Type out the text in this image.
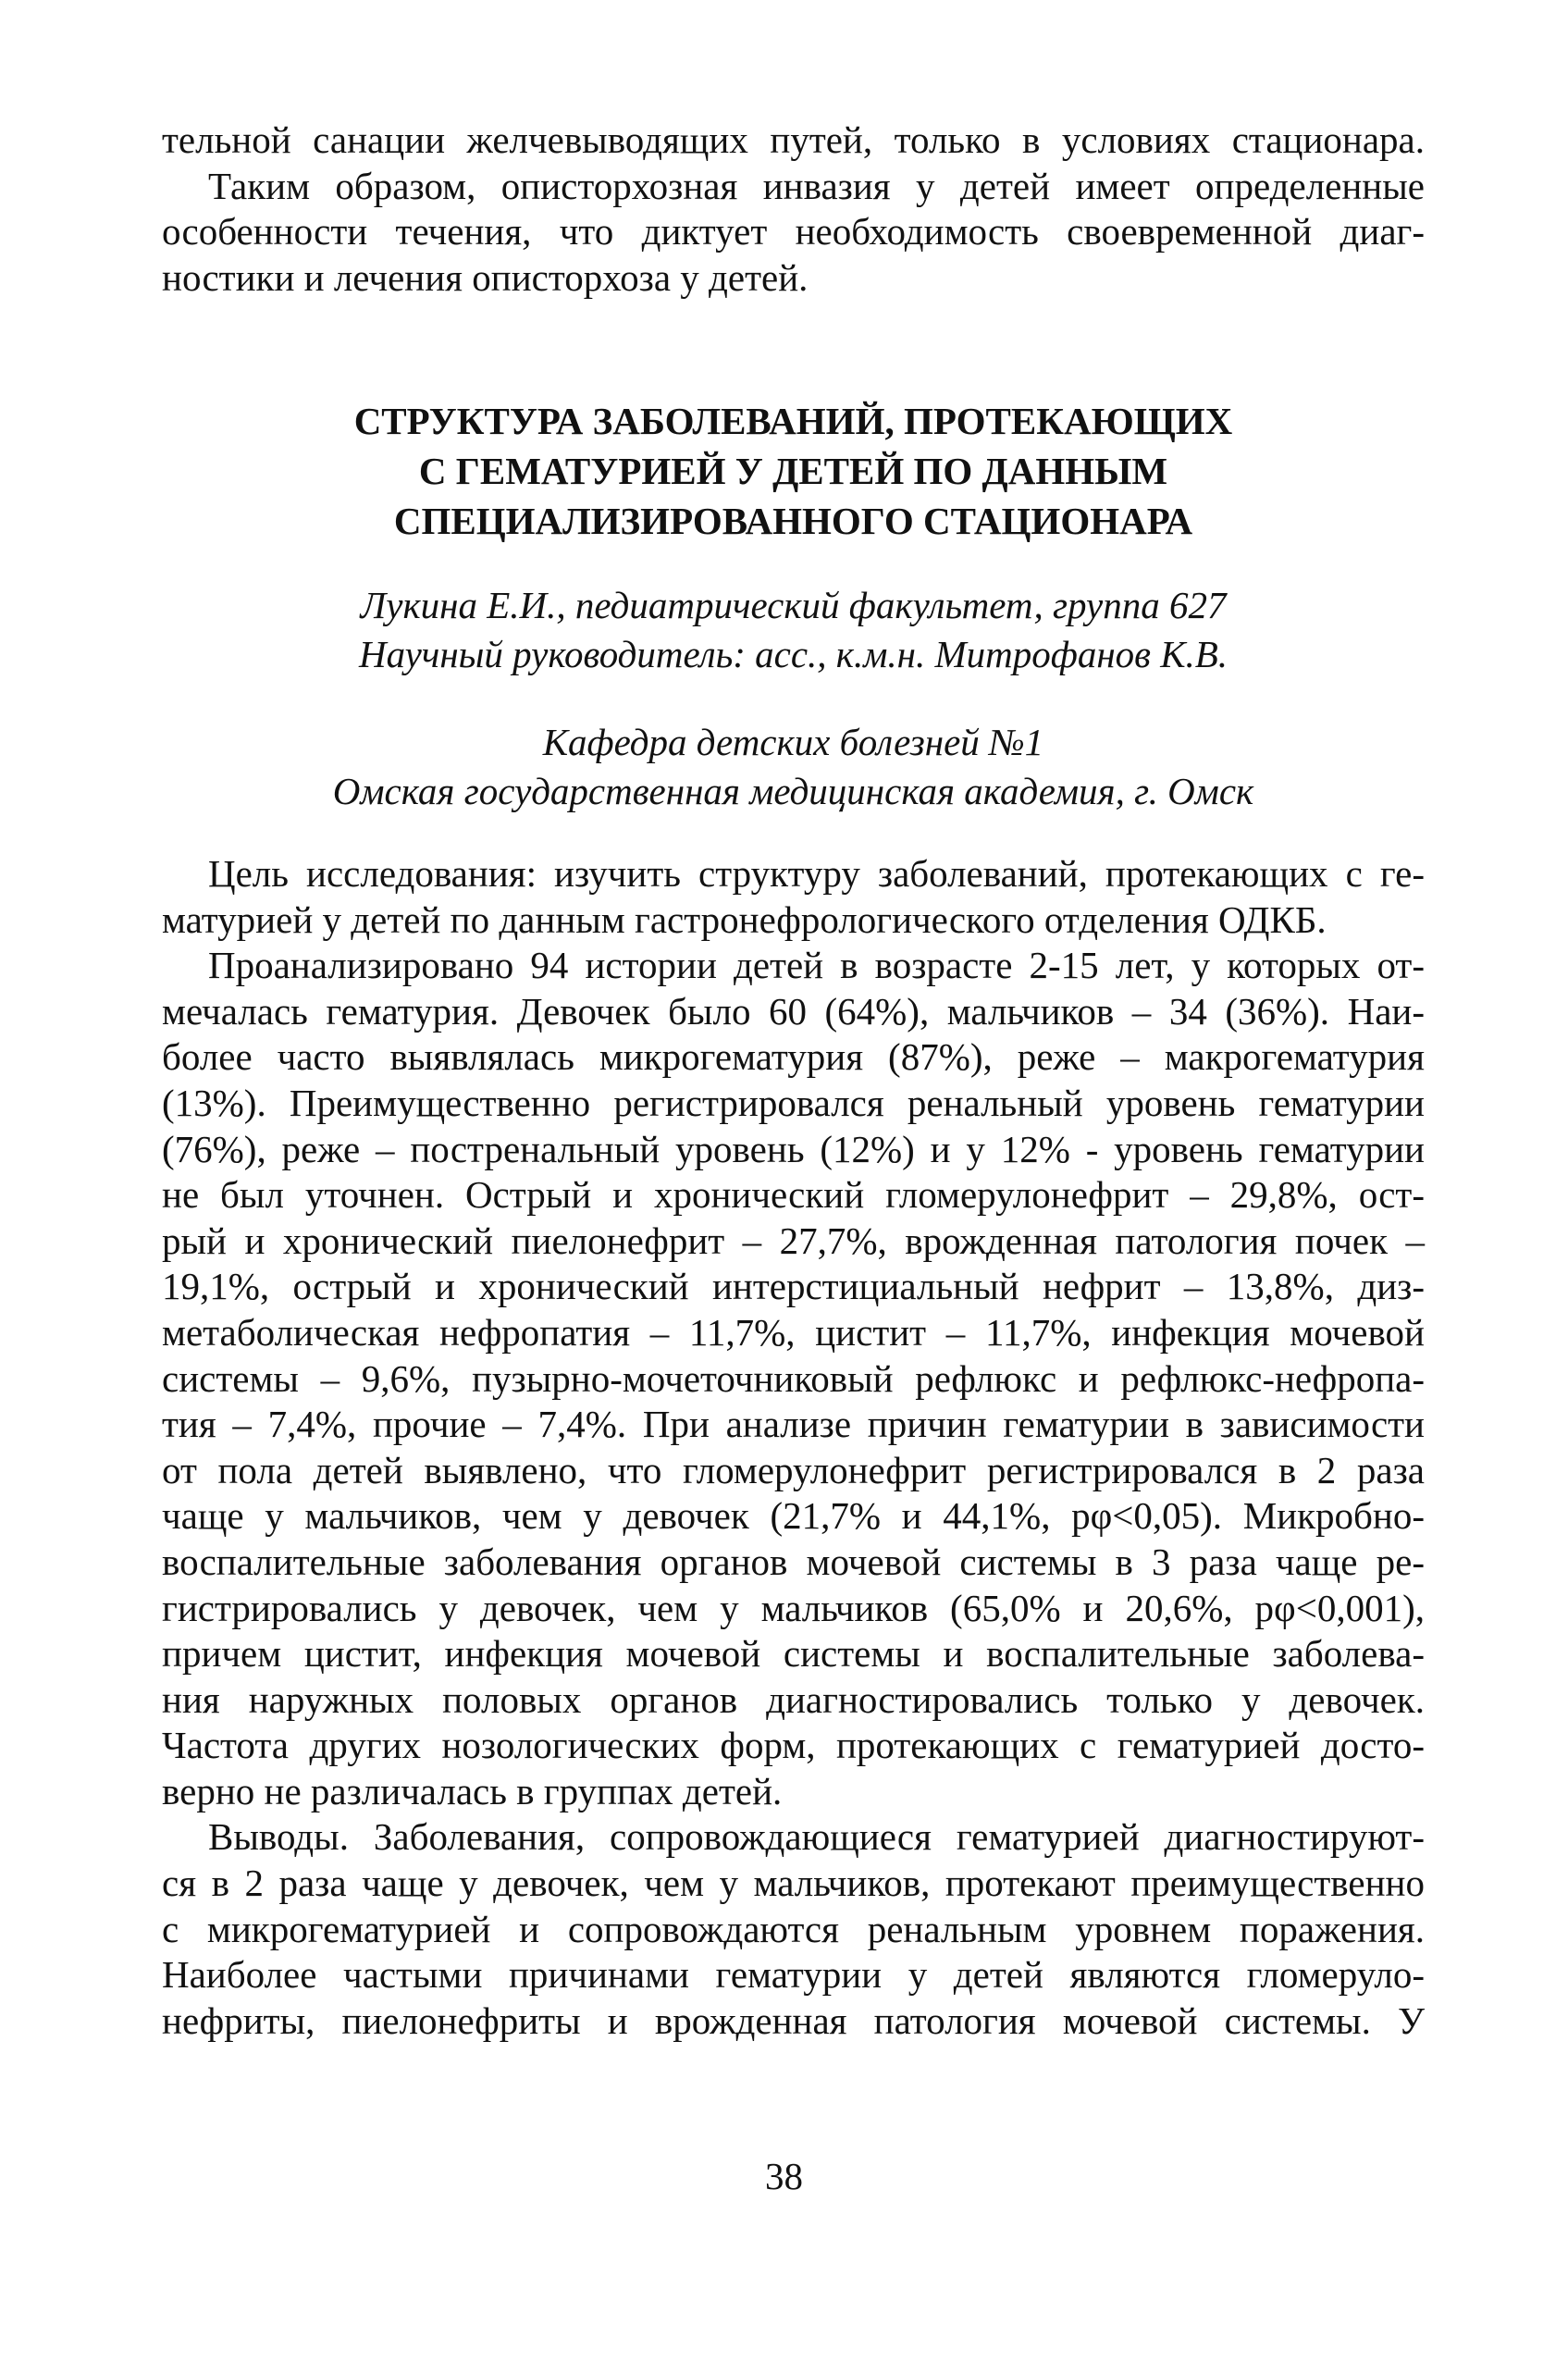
тельной санации желчевыводящих путей, только в условиях стационара.
Таким образом, описторхозная инвазия у детей имеет определенные
особенности течения, что диктует необходимость своевременной диаг-
ностики и лечения описторхоза у детей.
СТРУКТУРА ЗАБОЛЕВАНИЙ, ПРОТЕКАЮЩИХ
С ГЕМАТУРИЕЙ У ДЕТЕЙ ПО ДАННЫМ
СПЕЦИАЛИЗИРОВАННОГО СТАЦИОНАРА
Лукина Е.И., педиатрический факультет, группа 627
Научный руководитель: асс., к.м.н. Митрофанов К.В.
Кафедра детских болезней №1
Омская государственная медицинская академия, г. Омск
Цель исследования: изучить структуру заболеваний, протекающих с ге-
матурией у детей по данным гастронефрологического отделения ОДКБ.
Проанализировано 94 истории детей в возрасте 2-15 лет, у которых от-
мечалась гематурия. Девочек было 60 (64%), мальчиков – 34 (36%). Наи-
более часто выявлялась микрогематурия (87%), реже – макрогематурия
(13%). Преимущественно регистрировался ренальный уровень гематурии
(76%), реже – постренальный уровень (12%) и у 12% - уровень гематурии
не был уточнен. Острый и хронический гломерулонефрит – 29,8%, ост-
рый и хронический пиелонефрит – 27,7%, врожденная патология почек –
19,1%, острый и хронический интерстициальный нефрит – 13,8%, диз-
метаболическая нефропатия – 11,7%, цистит – 11,7%, инфекция мочевой
системы – 9,6%, пузырно-мочеточниковый рефлюкс и рефлюкс-нефропа-
тия – 7,4%, прочие – 7,4%. При анализе причин гематурии в зависимости
от пола детей выявлено, что гломерулонефрит регистрировался в 2 раза
чаще у мальчиков, чем у девочек (21,7% и 44,1%, рφ<0,05). Микробно-
воспалительные заболевания органов мочевой системы в 3 раза чаще ре-
гистрировались у девочек, чем у мальчиков (65,0% и 20,6%, рφ<0,001),
причем цистит, инфекция мочевой системы и воспалительные заболева-
ния наружных половых органов диагностировались только у девочек.
Частота других нозологических форм, протекающих с гематурией досто-
верно не различалась в группах детей.
Выводы. Заболевания, сопровождающиеся гематурией диагностируют-
ся в 2 раза чаще у девочек, чем у мальчиков, протекают преимущественно
с микрогематурией и сопровождаются ренальным уровнем поражения.
Наиболее частыми причинами гематурии у детей являются гломеруло-
нефриты, пиелонефриты и врожденная патология мочевой системы. У
38
